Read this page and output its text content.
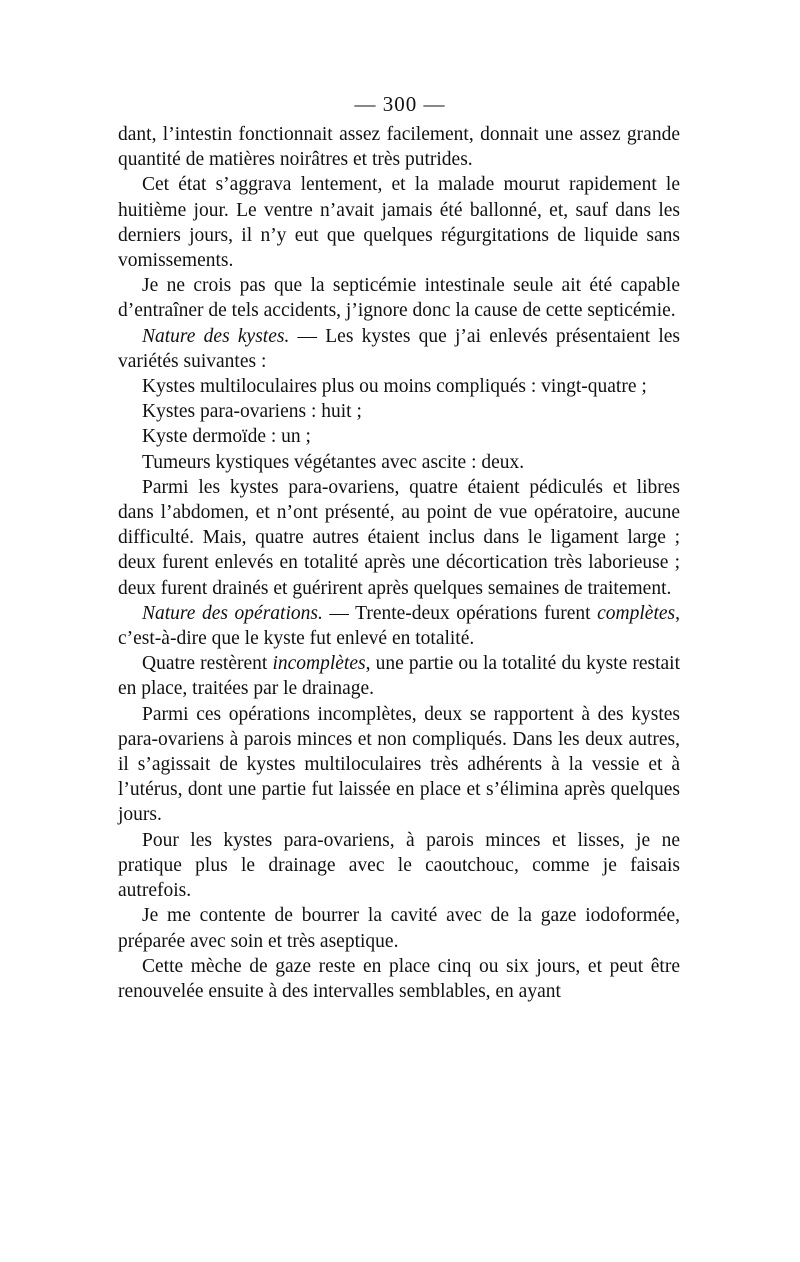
— 300 —

dant, l’intestin fonctionnait assez facilement, donnait une assez grande quantité de matières noirâtres et très putrides.

Cet état s’aggrava lentement, et la malade mourut rapidement le huitième jour. Le ventre n’avait jamais été ballonné, et, sauf dans les derniers jours, il n’y eut que quelques régurgitations de liquide sans vomissements.

Je ne crois pas que la septicémie intestinale seule ait été capable d’entraîner de tels accidents, j’ignore donc la cause de cette septicémie.

Nature des kystes. — Les kystes que j’ai enlevés présentaient les variétés suivantes :

Kystes multiloculaires plus ou moins compliqués : vingt-quatre ;

Kystes para-ovariens : huit ;

Kyste dermoïde : un ;

Tumeurs kystiques végétantes avec ascite : deux.

Parmi les kystes para-ovariens, quatre étaient pédiculés et libres dans l’abdomen, et n’ont présenté, au point de vue opératoire, aucune difficulté. Mais, quatre autres étaient inclus dans le ligament large ; deux furent enlevés en totalité après une décortication très laborieuse ; deux furent drainés et guérirent après quelques semaines de traitement.

Nature des opérations. — Trente-deux opérations furent complètes, c’est-à-dire que le kyste fut enlevé en totalité.

Quatre restèrent incomplètes, une partie ou la totalité du kyste restait en place, traitées par le drainage.

Parmi ces opérations incomplètes, deux se rapportent à des kystes para-ovariens à parois minces et non compliqués. Dans les deux autres, il s’agissait de kystes multiloculaires très adhérents à la vessie et à l’utérus, dont une partie fut laissée en place et s’élimina après quelques jours.

Pour les kystes para-ovariens, à parois minces et lisses, je ne pratique plus le drainage avec le caoutchouc, comme je faisais autrefois.

Je me contente de bourrer la cavité avec de la gaze iodoformée, préparée avec soin et très aseptique.

Cette mèche de gaze reste en place cinq ou six jours, et peut être renouvelée ensuite à des intervalles semblables, en ayant
